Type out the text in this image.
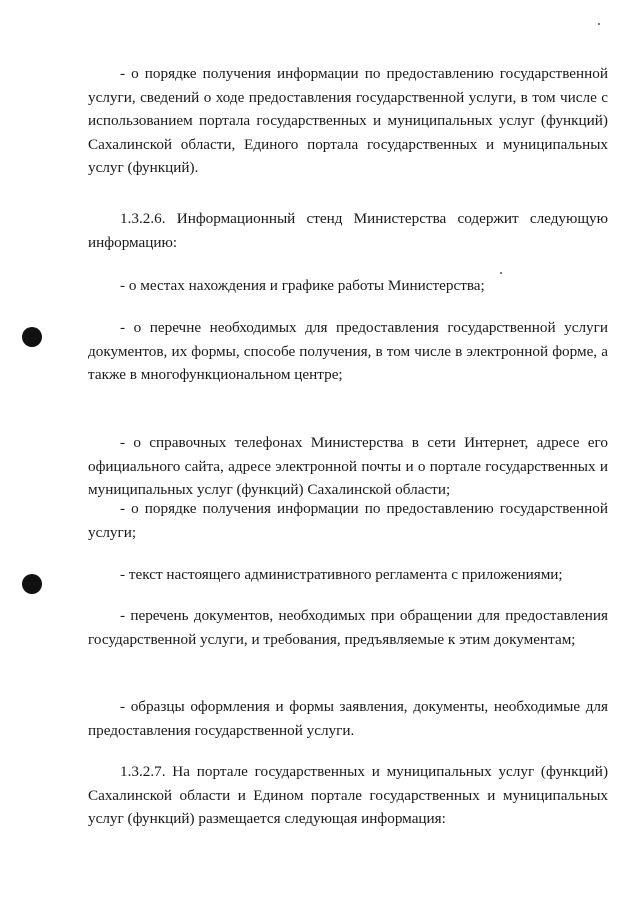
- о порядке получения информации по предоставлению государственной услуги, сведений о ходе предоставления государственной услуги, в том числе с использованием портала государственных и муниципальных услуг (функций) Сахалинской области, Единого портала государственных и муниципальных услуг (функций).

1.3.2.6. Информационный стенд Министерства содержит следующую информацию:

- о местах нахождения и графике работы Министерства;

- о перечне необходимых для предоставления государственной услуги документов, их формы, способе получения, в том числе в электронной форме, а также в многофункциональном центре;

- о справочных телефонах Министерства в сети Интернет, адресе его официального сайта, адресе электронной почты и о портале государственных и муниципальных услуг (функций) Сахалинской области;

- о порядке получения информации по предоставлению государственной услуги;

- текст настоящего административного регламента с приложениями;

- перечень документов, необходимых при обращении для предоставления государственной услуги, и требования, предъявляемые к этим документам;

- образцы оформления и формы заявления, документы, необходимые для предоставления государственной услуги.

1.3.2.7. На портале государственных и муниципальных услуг (функций) Сахалинской области и Едином портале государственных и муниципальных услуг (функций) размещается следующая информация:
